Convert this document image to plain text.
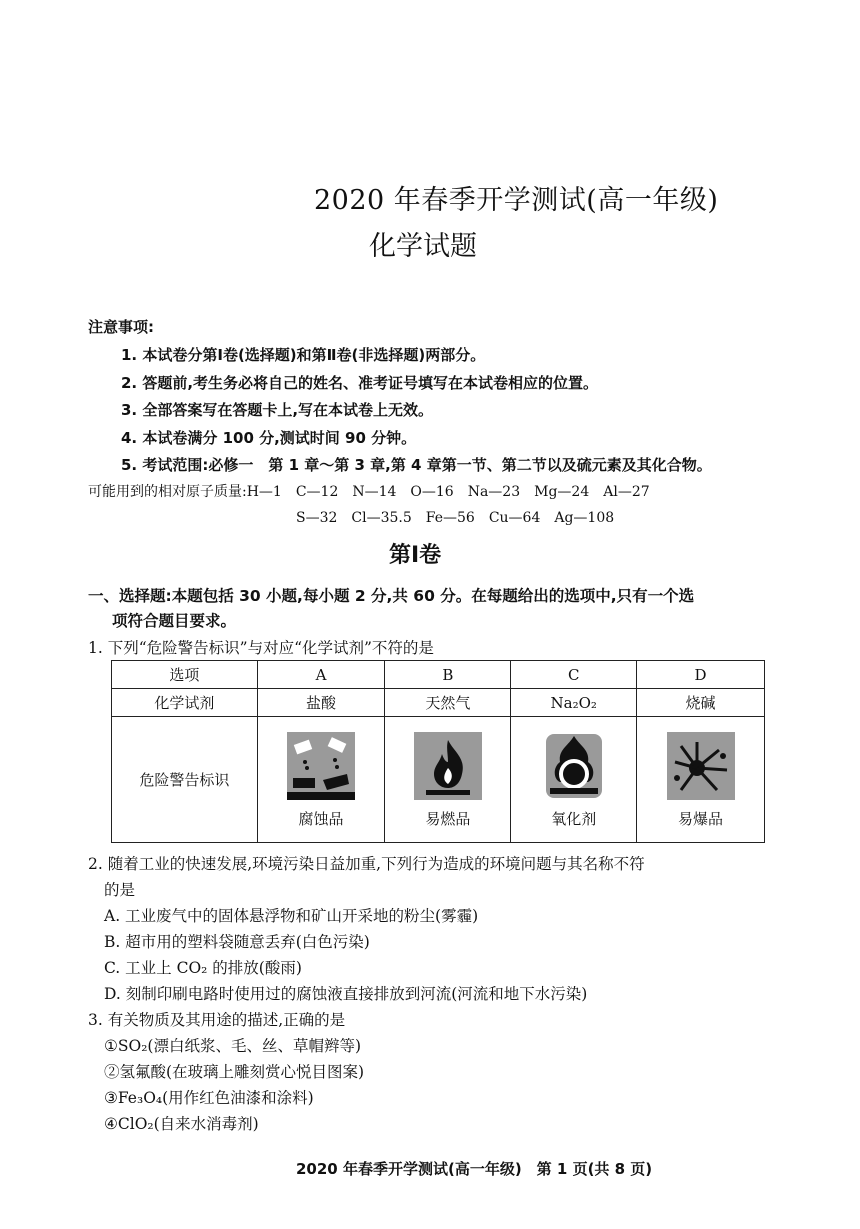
2020 年春季开学测试(高一年级)
化学试题
注意事项:
1. 本试卷分第Ⅰ卷(选择题)和第Ⅱ卷(非选择题)两部分。
2. 答题前,考生务必将自己的姓名、准考证号填写在本试卷相应的位置。
3. 全部答案写在答题卡上,写在本试卷上无效。
4. 本试卷满分 100 分,测试时间 90 分钟。
5. 考试范围:必修一　第 1 章～第 3 章,第 4 章第一节、第二节以及硫元素及其化合物。
可能用到的相对原子质量:H—1　C—12　N—14　O—16　Na—23　Mg—24　Al—27
S—32　Cl—35.5　Fe—56　Cu—64　Ag—108
第Ⅰ卷
一、选择题:本题包括 30 小题,每小题 2 分,共 60 分。在每题给出的选项中,只有一个选
项符合题目要求。
1. 下列“危险警告标识”与对应“化学试剂”不符的是
选项	A	B	C	D
化学试剂	盐酸	天然气	Na₂O₂	烧碱
危险警告标识	腐蚀品	易燃品	氧化剂	易爆品
2. 随着工业的快速发展,环境污染日益加重,下列行为造成的环境问题与其名称不符
的是
A. 工业废气中的固体悬浮物和矿山开采地的粉尘(雾霾)
B. 超市用的塑料袋随意丢弃(白色污染)
C. 工业上 CO₂ 的排放(酸雨)
D. 刻制印刷电路时使用过的腐蚀液直接排放到河流(河流和地下水污染)
3. 有关物质及其用途的描述,正确的是
①SO₂(漂白纸浆、毛、丝、草帽辫等)
②氢氟酸(在玻璃上雕刻赏心悦目图案)
③Fe₃O₄(用作红色油漆和涂料)
④ClO₂(自来水消毒剂)
2020 年春季开学测试(高一年级)　第 1 页(共 8 页)
